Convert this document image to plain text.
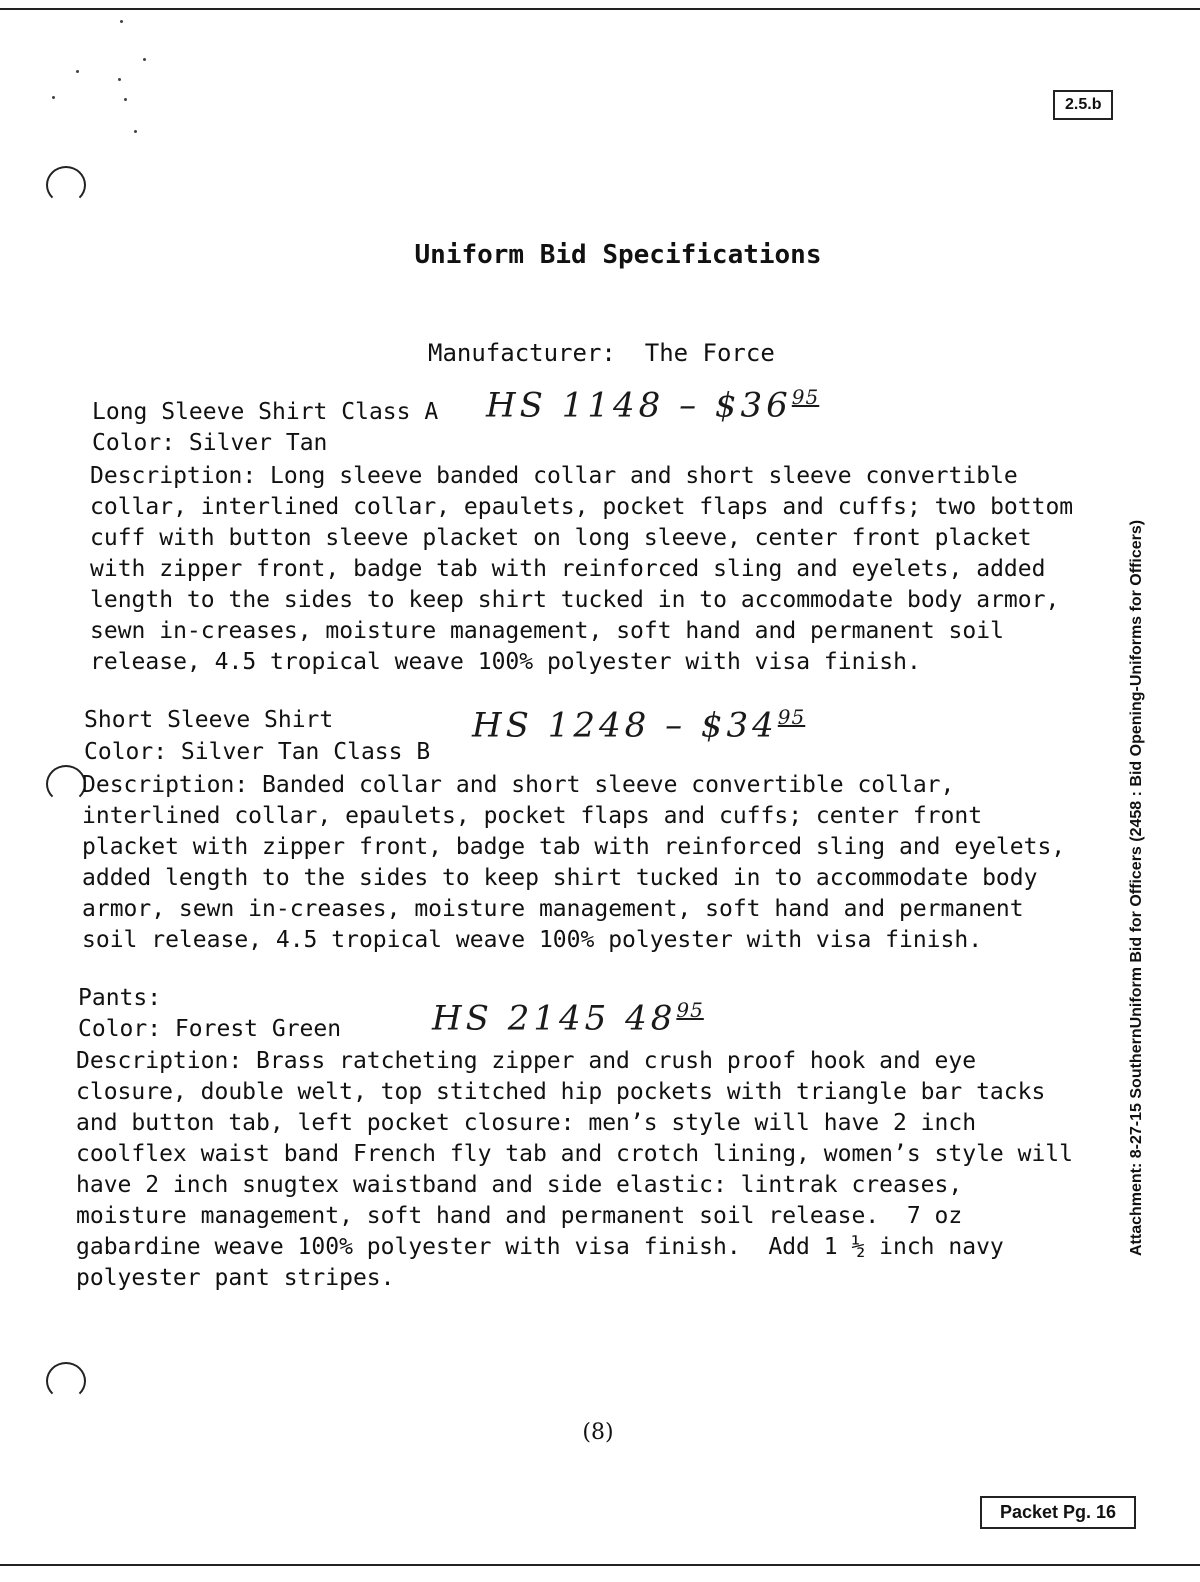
2.5.b
Uniform Bid Specifications
Manufacturer:  The Force
Long Sleeve Shirt Class A
Color: Silver Tan
HS $1148 - \$36^{95}$
Description: Long sleeve banded collar and short sleeve convertible
collar, interlined collar, epaulets, pocket flaps and cuffs; two bottom
cuff with button sleeve placket on long sleeve, center front placket
with zipper front, badge tab with reinforced sling and eyelets, added
length to the sides to keep shirt tucked in to accommodate body armor,
sewn in-creases, moisture management, soft hand and permanent soil
release, 4.5 tropical weave 100% polyester with visa finish.
Short Sleeve Shirt
Color: Silver Tan Class B
HS $1248 - \$34^{95}$
Description: Banded collar and short sleeve convertible collar,
interlined collar, epaulets, pocket flaps and cuffs; center front
placket with zipper front, badge tab with reinforced sling and eyelets,
added length to the sides to keep shirt tucked in to accommodate body
armor, sewn in-creases, moisture management, soft hand and permanent
soil release, 4.5 tropical weave 100% polyester with visa finish.
Pants:
Color: Forest Green	HS 2145 $48^{95}$
Description: Brass ratcheting zipper and crush proof hook and eye
closure, double welt, top stitched hip pockets with triangle bar tacks
and button tab, left pocket closure: men’s style will have 2 inch
coolflex waist band French fly tab and crotch lining, women’s style will
have 2 inch snugtex waistband and side elastic: lintrak creases,
moisture management, soft hand and permanent soil release.  7 oz
gabardine weave 100% polyester with visa finish.  Add 1 ½ inch navy
polyester pant stripes.
(8)
Attachment: 8-27-15 SouthernUniform Bid for Officers (2458 : Bid Opening-Uniforms for Officers)
Packet Pg. 16
